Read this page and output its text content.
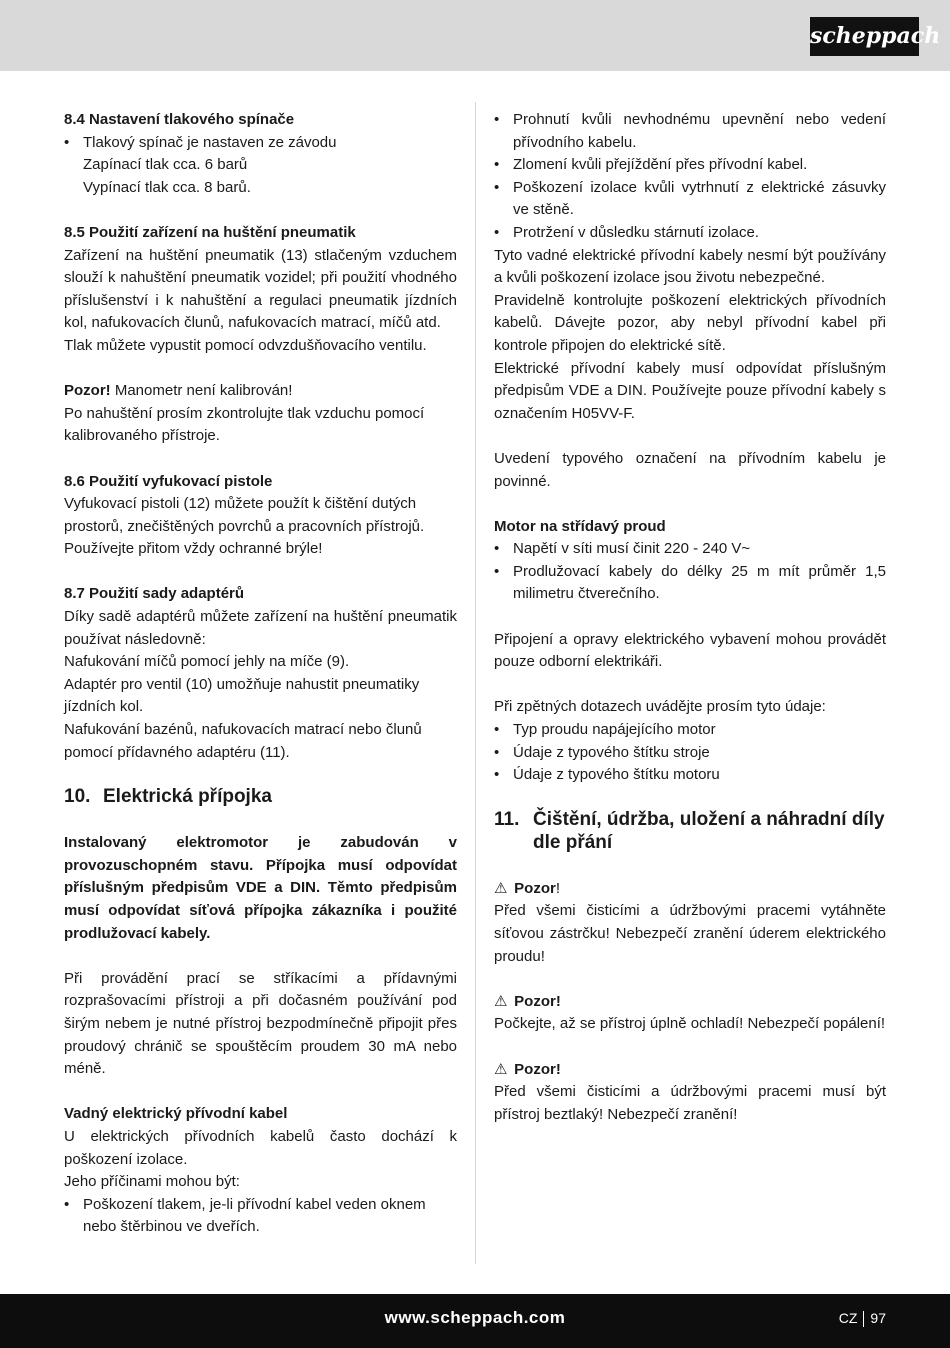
scheppach

8.4 Nastavení tlakového spínače

• Tlakový spínač je nastaven ze závodu

Zapínací tlak cca. 6 barů

Vypínací tlak cca. 8 barů.

8.5 Použití zařízení na huštění pneumatik

Zařízení na huštění pneumatik (13) stlačeným vzduchem slouží k nahuštění pneumatik vozidel; při použití vhodného příslušenství i k nahuštění a regulaci pneumatik jízdních kol, nafukovacích člunů, nafukovacích matrací, míčů atd.

Tlak můžete vypustit pomocí odvzdušňovacího ventilu.

Pozor! Manometr není kalibrován!

Po nahuštění prosím zkontrolujte tlak vzduchu pomocí kalibrovaného přístroje.

8.6 Použití vyfukovací pistole

Vyfukovací pistoli (12) můžete použít k čištění dutých prostorů, znečištěných povrchů a pracovních přístrojů. Používejte přitom vždy ochranné brýle!

8.7 Použití sady adaptérů

Díky sadě adaptérů můžete zařízení na huštění pneumatik používat následovně:

Nafukování míčů pomocí jehly na míče (9).

Adaptér pro ventil (10) umožňuje nahustit pneumatiky jízdních kol.

Nafukování bazénů, nafukovacích matrací nebo člunů pomocí přídavného adaptéru (11).

10. Elektrická přípojka

Instalovaný elektromotor je zabudován v provozuschopném stavu. Přípojka musí odpovídat příslušným předpisům VDE a DIN. Těmto předpisům musí odpovídat síťová přípojka zákazníka i použité prodlužovací kabely.

Při provádění prací se stříkacími a přídavnými rozprašovacími přístroji a při dočasném používání pod širým nebem je nutné přístroj bezpodmínečně připojit přes proudový chránič se spouštěcím proudem 30 mA nebo méně.

Vadný elektrický přívodní kabel

U elektrických přívodních kabelů často dochází k poškození izolace.

Jeho příčinami mohou být:

• Poškození tlakem, je-li přívodní kabel veden oknem nebo štěrbinou ve dveřích.
• Prohnutí kvůli nevhodnému upevnění nebo vedení přívodního kabelu.
• Zlomení kvůli přejíždění přes přívodní kabel.
• Poškození izolace kvůli vytrhnutí z elektrické zásuvky ve stěně.
• Protržení v důsledku stárnutí izolace.

Tyto vadné elektrické přívodní kabely nesmí být používány a kvůli poškození izolace jsou životu nebezpečné.

Pravidelně kontrolujte poškození elektrických přívodních kabelů. Dávejte pozor, aby nebyl přívodní kabel při kontrole připojen do elektrické sítě.

Elektrické přívodní kabely musí odpovídat příslušným předpisům VDE a DIN. Používejte pouze přívodní kabely s označením H05VV-F.

Uvedení typového označení na přívodním kabelu je povinné.

Motor na střídavý proud

• Napětí v síti musí činit 220 - 240 V~
• Prodlužovací kabely do délky 25 m mít průměr 1,5 milimetru čtverečního.

Připojení a opravy elektrického vybavení mohou provádět pouze odborní elektrikáři.

Při zpětných dotazech uvádějte prosím tyto údaje:

• Typ proudu napájejícího motor
• Údaje z typového štítku stroje
• Údaje z typového štítku motoru
11. Čištění, údržba, uložení a náhradní díly dle přání

⚠ Pozor!

Před všemi čisticími a údržbovými pracemi vytáhněte síťovou zástrčku! Nebezpečí zranění úderem elektrického proudu!

⚠ Pozor!

Počkejte, až se přístroj úplně ochladí! Nebezpečí popálení!

⚠ Pozor!

Před všemi čisticími a údržbovými pracemi musí být přístroj beztlaký! Nebezpečí zranění!

www.scheppach.com	CZ 97
